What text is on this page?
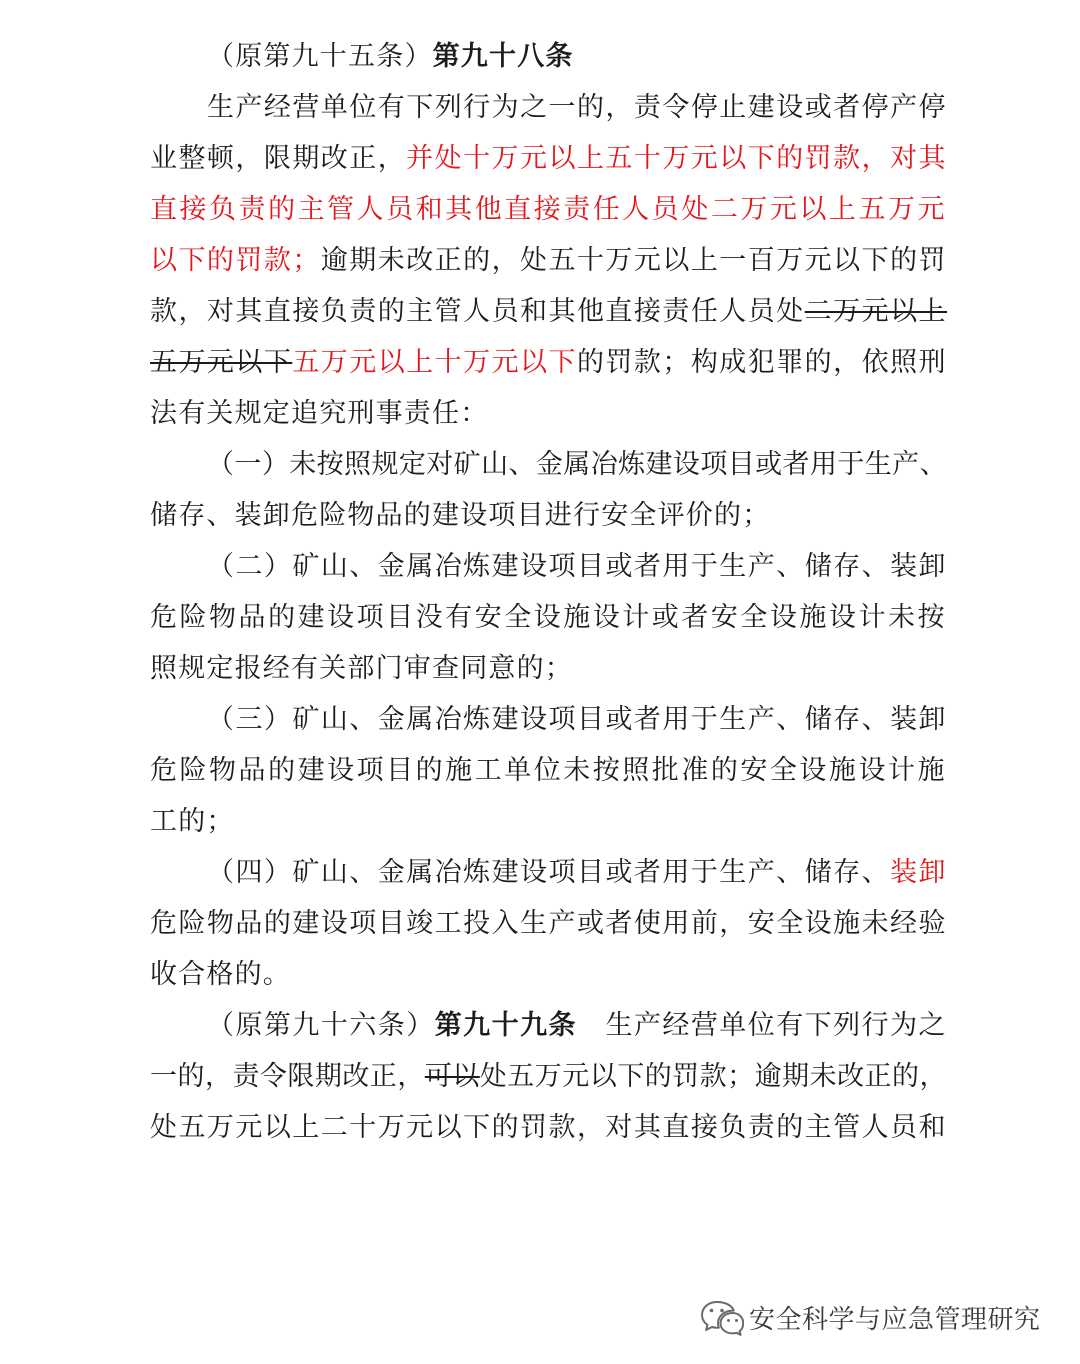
（原第九十五条）第九十八条
生产经营单位有下列行为之一的，责令停止建设或者停产停
业整顿，限期改正，并处十万元以上五十万元以下的罚款，对其
直接负责的主管人员和其他直接责任人员处二万元以上五万元
以下的罚款；逾期未改正的，处五十万元以上一百万元以下的罚
款，对其直接负责的主管人员和其他直接责任人员处二万元以上
五万元以下五万元以上十万元以下的罚款；构成犯罪的，依照刑
法有关规定追究刑事责任：
（一）未按照规定对矿山、金属冶炼建设项目或者用于生产、
储存、装卸危险物品的建设项目进行安全评价的；
（二）矿山、金属冶炼建设项目或者用于生产、储存、装卸
危险物品的建设项目没有安全设施设计或者安全设施设计未按
照规定报经有关部门审查同意的；
（三）矿山、金属冶炼建设项目或者用于生产、储存、装卸
危险物品的建设项目的施工单位未按照批准的安全设施设计施
工的；
（四）矿山、金属冶炼建设项目或者用于生产、储存、装卸
危险物品的建设项目竣工投入生产或者使用前，安全设施未经验
收合格的。
（原第九十六条）第九十九条　生产经营单位有下列行为之
一的，责令限期改正，可以处五万元以下的罚款；逾期未改正的，
处五万元以上二十万元以下的罚款，对其直接负责的主管人员和
安全科学与应急管理研究
